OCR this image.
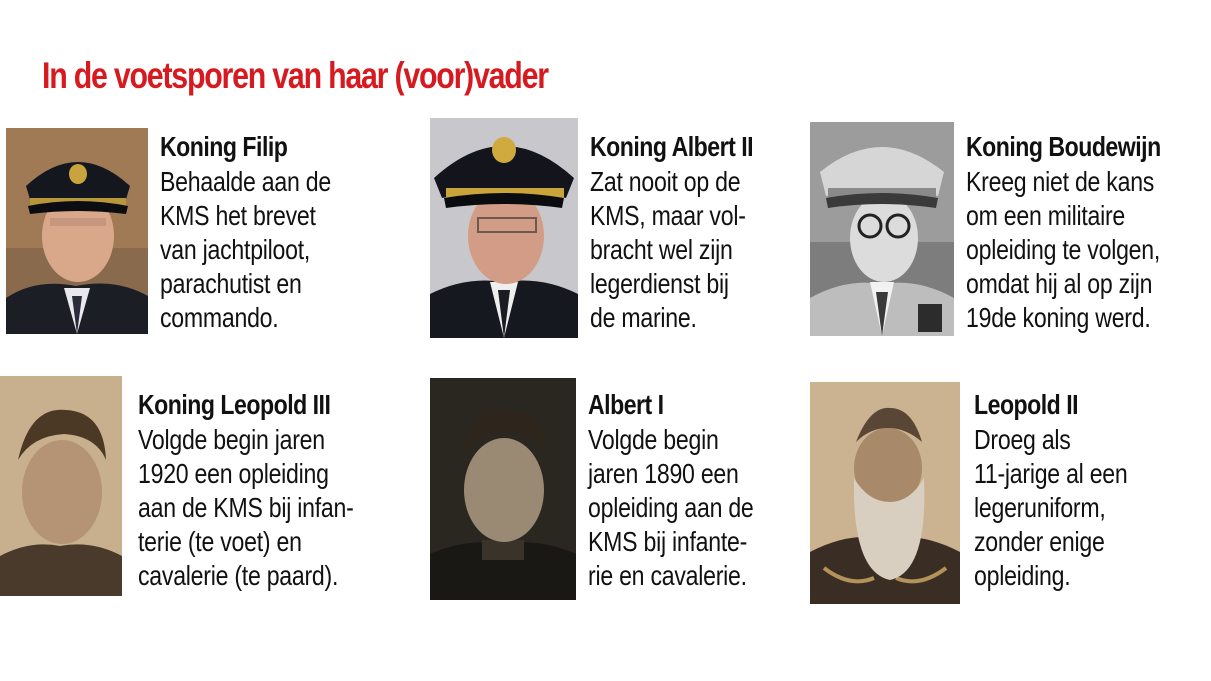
In de voetsporen van haar (voor)vader
Koning Filip
Behaalde aan de
KMS het brevet
van jachtpiloot,
parachutist en
commando.
Koning Albert II
Zat nooit op de
KMS, maar vol-
bracht wel zijn
legerdienst bij
de marine.
Koning Boudewijn
Kreeg niet de kans
om een militaire
opleiding te volgen,
omdat hij al op zijn
19de koning werd.
Koning Leopold III
Volgde begin jaren
1920 een opleiding
aan de KMS bij infan-
terie (te voet) en
cavalerie (te paard).
Albert I
Volgde begin
jaren 1890 een
opleiding aan de
KMS bij infante-
rie en cavalerie.
Leopold II
Droeg als
11-jarige al een
legeruniform,
zonder enige
opleiding.
